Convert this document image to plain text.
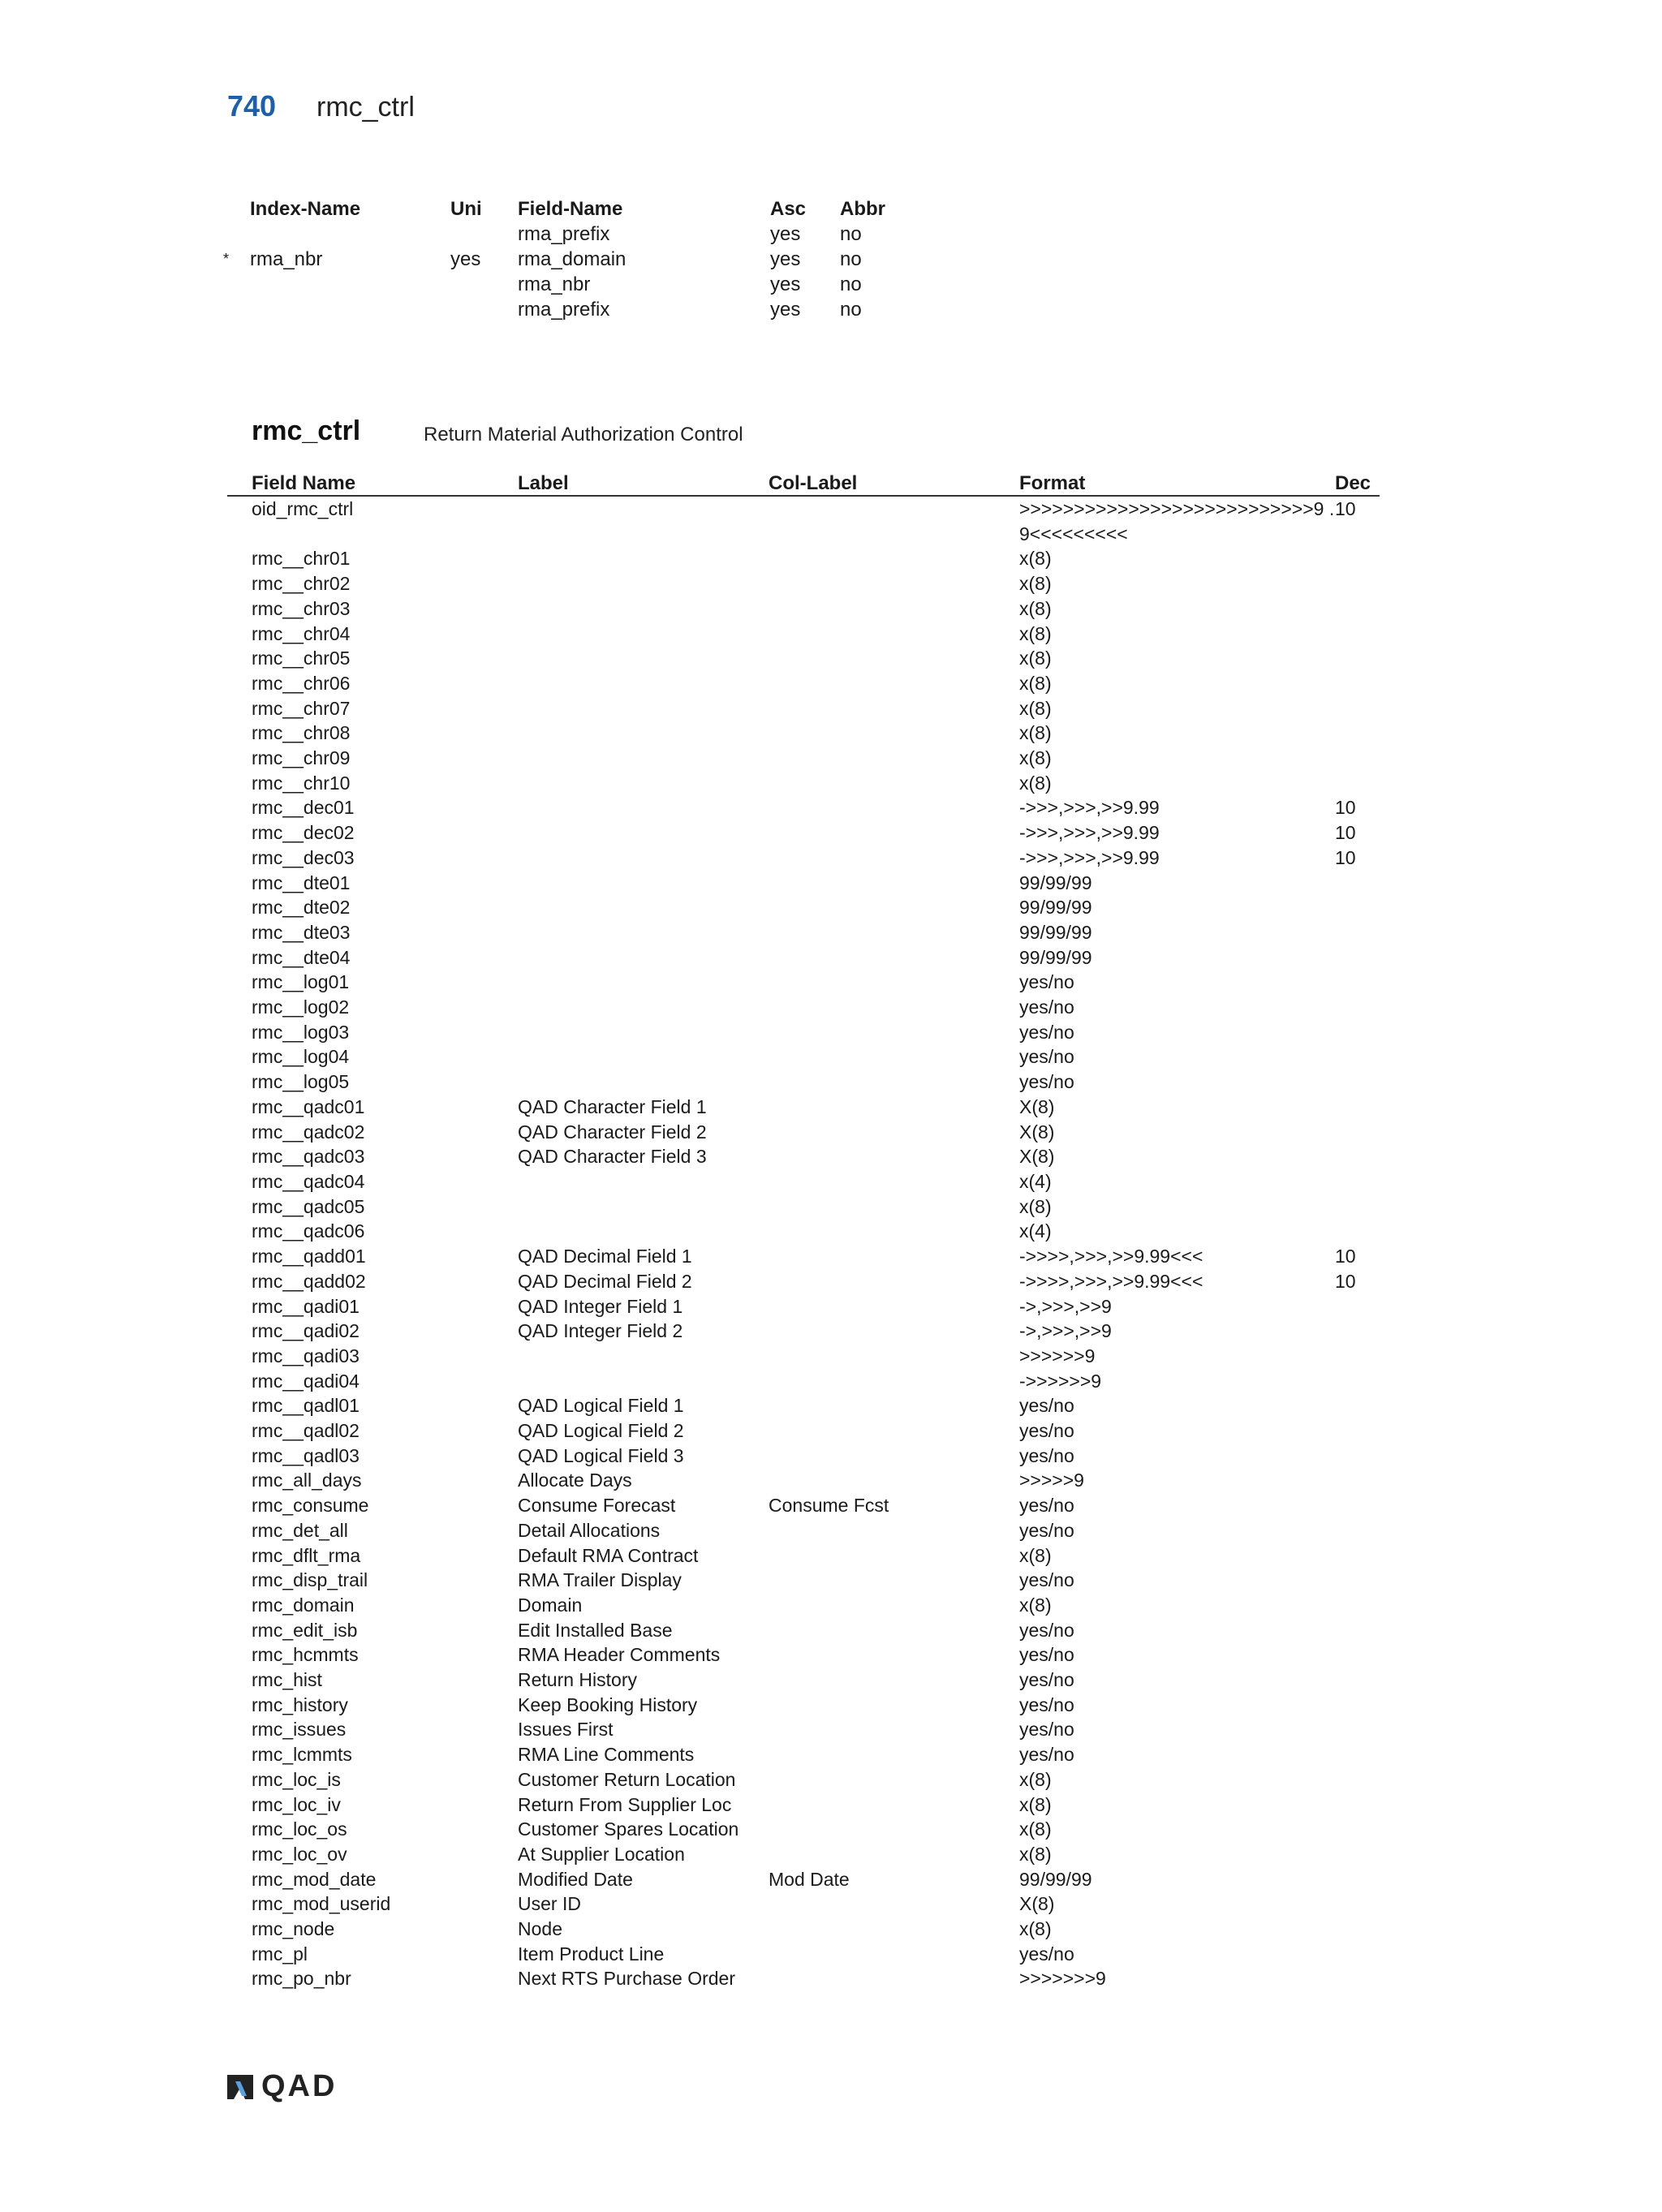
740 rmc_ctrl
	Index-Name	Uni	Field-Name	Asc	Abbr
			rma_prefix	yes	no
*	rma_nbr	yes	rma_domain	yes	no
			rma_nbr	yes	no
			rma_prefix	yes	no
rmc_ctrl	Return Material Authorization Control
Field Name	Label	Col-Label	Format	Dec
oid_rmc_ctrl			>>>>>>>>>>>>>>>>>>>>>>>>>>>9 .9<<<<<<<<<	10
rmc__chr01			x(8)	
rmc__chr02			x(8)	
rmc__chr03			x(8)	
rmc__chr04			x(8)	
rmc__chr05			x(8)	
rmc__chr06			x(8)	
rmc__chr07			x(8)	
rmc__chr08			x(8)	
rmc__chr09			x(8)	
rmc__chr10			x(8)	
rmc__dec01			->>>,>>>,>>9.99	10
rmc__dec02			->>>,>>>,>>9.99	10
rmc__dec03			->>>,>>>,>>9.99	10
rmc__dte01			99/99/99	
rmc__dte02			99/99/99	
rmc__dte03			99/99/99	
rmc__dte04			99/99/99	
rmc__log01			yes/no	
rmc__log02			yes/no	
rmc__log03			yes/no	
rmc__log04			yes/no	
rmc__log05			yes/no	
rmc__qadc01	QAD Character Field 1		X(8)	
rmc__qadc02	QAD Character Field 2		X(8)	
rmc__qadc03	QAD Character Field 3		X(8)	
rmc__qadc04			x(4)	
rmc__qadc05			x(8)	
rmc__qadc06			x(4)	
rmc__qadd01	QAD Decimal Field 1		->>>>,>>>,>>9.99<<<	10
rmc__qadd02	QAD Decimal Field 2		->>>>,>>>,>>9.99<<<	10
rmc__qadi01	QAD Integer Field 1		->,>>>,>>9	
rmc__qadi02	QAD Integer Field 2		->,>>>,>>9	
rmc__qadi03			>>>>>>9	
rmc__qadi04			->>>>>>9	
rmc__qadl01	QAD Logical Field 1		yes/no	
rmc__qadl02	QAD Logical Field 2		yes/no	
rmc__qadl03	QAD Logical Field 3		yes/no	
rmc_all_days	Allocate Days		>>>>>9	
rmc_consume	Consume Forecast	Consume Fcst	yes/no	
rmc_det_all	Detail Allocations		yes/no	
rmc_dflt_rma	Default RMA Contract		x(8)	
rmc_disp_trail	RMA Trailer Display		yes/no	
rmc_domain	Domain		x(8)	
rmc_edit_isb	Edit Installed Base		yes/no	
rmc_hcmmts	RMA Header Comments		yes/no	
rmc_hist	Return History		yes/no	
rmc_history	Keep Booking History		yes/no	
rmc_issues	Issues First		yes/no	
rmc_lcmmts	RMA Line Comments		yes/no	
rmc_loc_is	Customer Return Location		x(8)	
rmc_loc_iv	Return From Supplier Loc		x(8)	
rmc_loc_os	Customer Spares Location		x(8)	
rmc_loc_ov	At Supplier Location		x(8)	
rmc_mod_date	Modified Date	Mod Date	99/99/99	
rmc_mod_userid	User ID		X(8)	
rmc_node	Node		x(8)	
rmc_pl	Item Product Line		yes/no	
rmc_po_nbr	Next RTS Purchase Order		>>>>>>>9	
QAD
